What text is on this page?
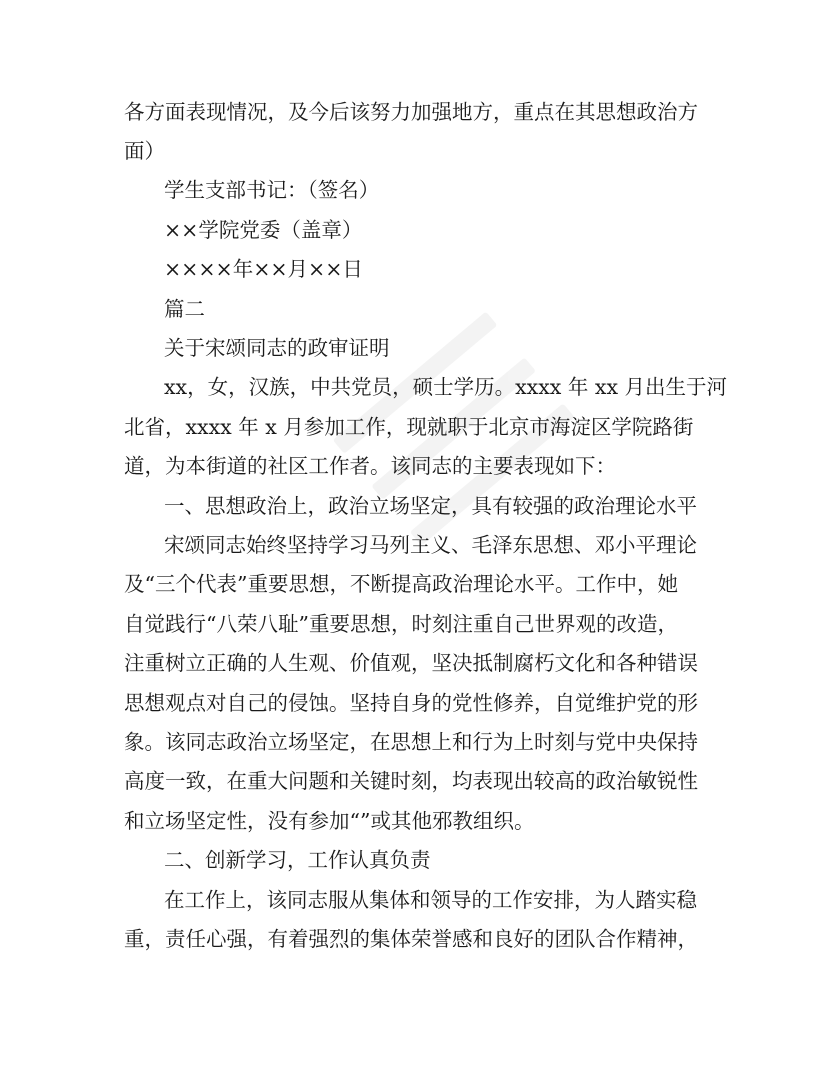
各方面表现情况，及今后该努力加强地方，重点在其思想政治方
面）
学生支部书记：（签名）
××学院党委（盖章）
××××年××月××日
篇二
关于宋颂同志的政审证明
xx，女，汉族，中共党员，硕士学历。xxxx 年 xx 月出生于河
北省，xxxx 年 x 月参加工作，现就职于北京市海淀区学院路街
道，为本街道的社区工作者。该同志的主要表现如下：
一、思想政治上，政治立场坚定，具有较强的政治理论水平
宋颂同志始终坚持学习马列主义、毛泽东思想、邓小平理论
及“三个代表”重要思想，不断提高政治理论水平。工作中，她
自觉践行“八荣八耻”重要思想，时刻注重自己世界观的改造，
注重树立正确的人生观、价值观，坚决抵制腐朽文化和各种错误
思想观点对自己的侵蚀。坚持自身的党性修养，自觉维护党的形
象。该同志政治立场坚定，在思想上和行为上时刻与党中央保持
高度一致，在重大问题和关键时刻，均表现出较高的政治敏锐性
和立场坚定性，没有参加“”或其他邪教组织。
二、创新学习，工作认真负责
在工作上，该同志服从集体和领导的工作安排，为人踏实稳
重，责任心强，有着强烈的集体荣誉感和良好的团队合作精神，
